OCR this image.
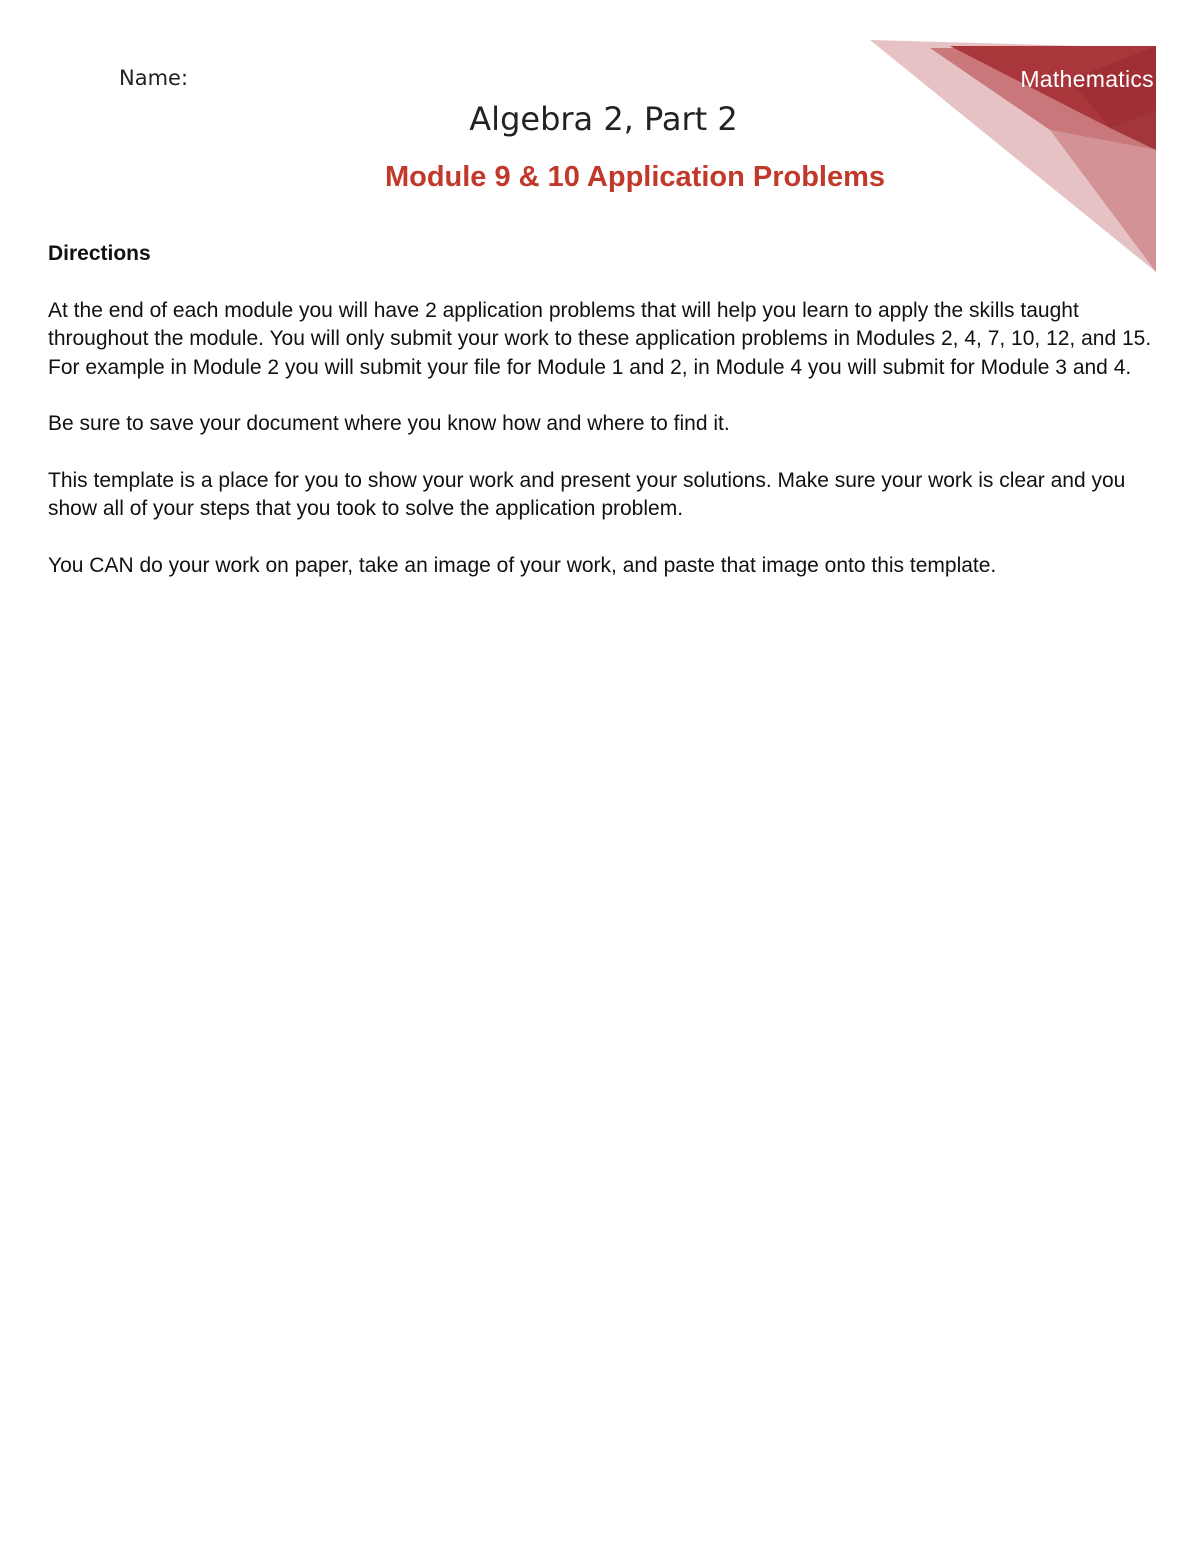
Mathematics
Name:
Algebra 2, Part 2
Module 9 & 10 Application Problems
Directions

At the end of each module you will have 2 application problems that will help you learn to apply the skills taught throughout the module. You will only submit your work to these application problems in Modules 2, 4, 7, 10, 12, and 15. For example in Module 2 you will submit your file for Module 1 and 2, in Module 4 you will submit for Module 3 and 4.

Be sure to save your document where you know how and where to find it.

This template is a place for you to show your work and present your solutions. Make sure your work is clear and you show all of your steps that you took to solve the application problem.

You CAN do your work on paper, take an image of your work, and paste that image onto this template.
